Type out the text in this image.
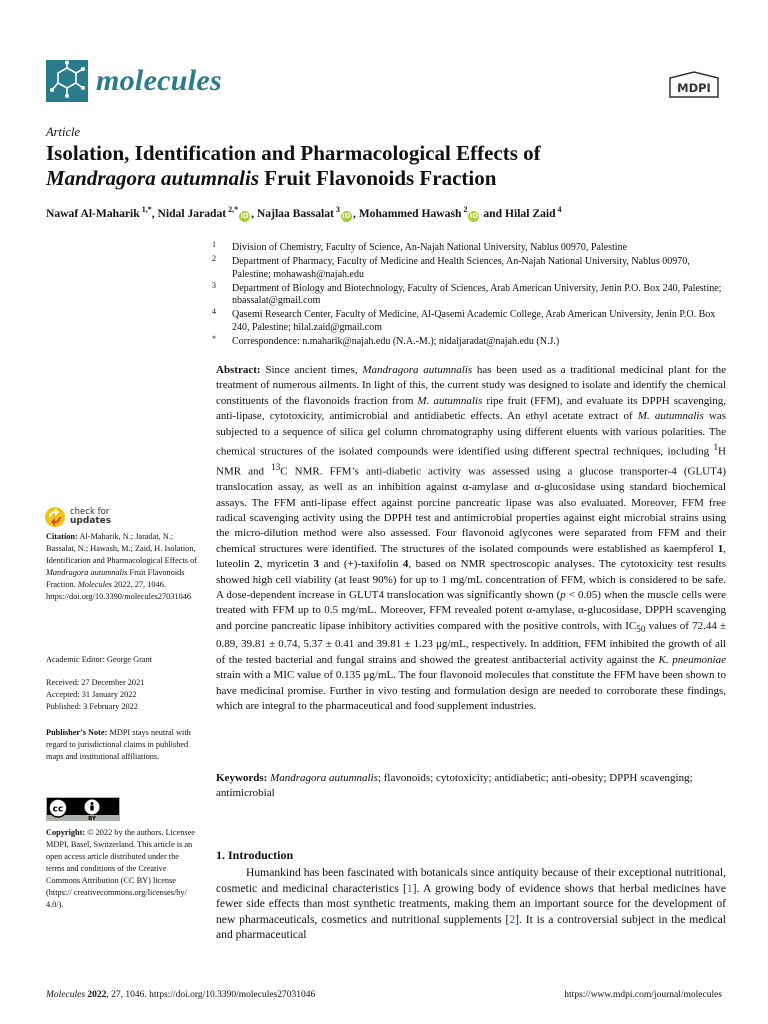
molecules	MDPI
Article
Isolation, Identification and Pharmacological Effects of
Mandragora autumnalis Fruit Flavonoids Fraction
Nawaf Al-Maharik $^{1,*}$, Nidal Jaradat $^{2,*}$iD , Najlaa Bassalat $^3$iD , Mohammed Hawash $^2$iD and Hilal Zaid $^4$
1 Division of Chemistry, Faculty of Science, An-Najah National University, Nablus 00970, Palestine
2 Department of Pharmacy, Faculty of Medicine and Health Sciences, An-Najah National University, Nablus 00970, Palestine; mohawash@najah.edu
3 Department of Biology and Biotechnology, Faculty of Sciences, Arab American University, Jenin P.O. Box 240, Palestine; nbassalat@gmail.com
4 Qasemi Research Center, Faculty of Medicine, Al-Qasemi Academic College, Arab American University, Jenin P.O. Box 240, Palestine; hilal.zaid@gmail.com
* Correspondence: n.maharik@najah.edu (N.A.-M.); nidaljaradat@najah.edu (N.J.)
Abstract: Since ancient times, Mandragora autumnalis has been used as a traditional medicinal plant for the treatment of numerous ailments. In light of this, the current study was designed to isolate and identify the chemical constituents of the flavonoids fraction from M. autumnalis ripe fruit (FFM), and evaluate its DPPH scavenging, anti-lipase, cytotoxicity, antimicrobial and antidiabetic effects. An ethyl acetate extract of M. autumnalis was subjected to a sequence of silica gel column chromatography using different eluents with various polarities. The chemical structures of the isolated compounds were identified using different spectral techniques, including $^1$H NMR and $^{13}$C NMR. FFM’s anti-diabetic activity was assessed using a glucose transporter-4 (GLUT4) translocation assay, as well as an inhibition against α-amylase and α-glucosidase using standard biochemical assays. The FFM anti-lipase effect against porcine pancreatic lipase was also evaluated. Moreover, FFM free radical scavenging activity using the DPPH test and antimicrobial properties against eight microbial strains using the micro-dilution method were also assessed. Four flavonoid aglycones were separated from FFM and their chemical structures were identified. The structures of the isolated compounds were established as kaempferol 1, luteolin 2, myricetin 3 and (+)-taxifolin 4, based on NMR spectroscopic analyses. The cytotoxicity test results showed high cell viability (at least 90%) for up to 1 mg/mL concentration of FFM, which is considered to be safe. A dose-dependent increase in GLUT4 translocation was significantly shown (p < 0.05) when the muscle cells were treated with FFM up to 0.5 mg/mL. Moreover, FFM revealed potent α-amylase, α-glucosidase, DPPH scavenging and porcine pancreatic lipase inhibitory activities compared with the positive controls, with $IC_{50}$ values of 72.44 ± 0.89, 39.81 ± 0.74, 5.37 ± 0.41 and 39.81 ± 1.23 μg/mL, respectively. In addition, FFM inhibited the growth of all of the tested bacterial and fungal strains and showed the greatest antibacterial activity against the K. pneumoniae strain with a MIC value of 0.135 μg/mL. The four flavonoid molecules that constitute the FFM have been shown to have medicinal promise. Further in vivo testing and formulation design are needed to corroborate these findings, which are integral to the pharmaceutical and food supplement industries.
Keywords: Mandragora autumnalis; flavonoids; cytotoxicity; antidiabetic; anti-obesity; DPPH scavenging; antimicrobial
check for
updates
Citation: Al-Maharik, N.; Jaradat, N.; Bassalat, N.; Hawash, M.; Zaid, H. Isolation, Identification and Pharmacological Effects of Mandragora autumnalis Fruit Flavonoids Fraction. Molecules 2022, 27, 1046. https://doi.org/10.3390/molecules27031046
Academic Editor: George Grant
Received: 27 December 2021
Accepted: 31 January 2022
Published: 3 February 2022
Publisher’s Note: MDPI stays neutral with regard to jurisdictional claims in published maps and institutional affiliations.
cc
BY
Copyright: © 2022 by the authors. Licensee MDPI, Basel, Switzerland. This article is an open access article distributed under the terms and conditions of the Creative Commons Attribution (CC BY) license (https:// creativecommons.org/licenses/by/ 4.0/).
1. Introduction
Humankind has been fascinated with botanicals since antiquity because of their exceptional nutritional, cosmetic and medicinal characteristics [1]. A growing body of evidence shows that herbal medicines have fewer side effects than most synthetic treatments, making them an important source for the development of new pharmaceuticals, cosmetics and nutritional supplements [2]. It is a controversial subject in the medical and pharmaceutical
Molecules 2022, 27, 1046. https://doi.org/10.3390/molecules27031046	https://www.mdpi.com/journal/molecules
